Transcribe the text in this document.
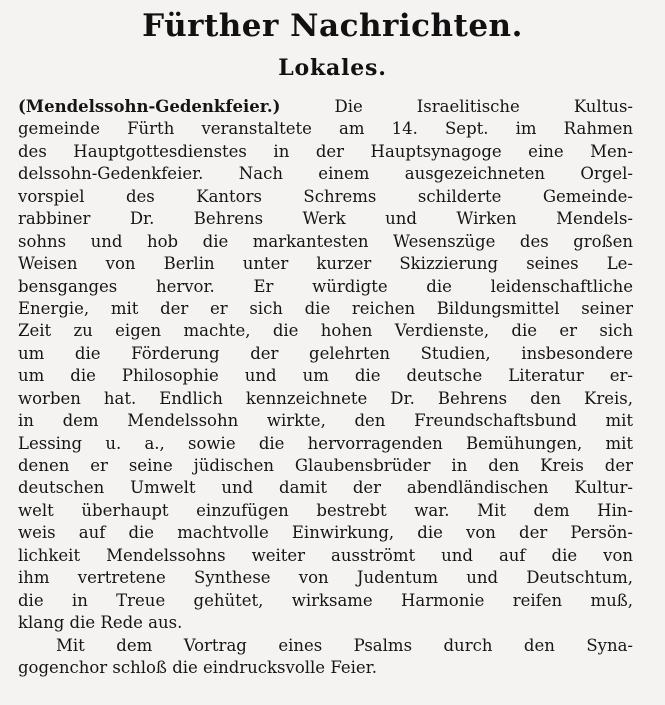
Fürther Nachrichten.
Lokales.
(Mendelssohn-Gedenkfeier.)	Die Israelitische Kultus-
gemeinde Fürth veranstaltete am 14. Sept. im Rahmen
des Hauptgottesdienstes in der Hauptsynagoge eine Men-
delssohn-Gedenkfeier. Nach einem ausgezeichneten Orgel-
vorspiel des Kantors Schrems schilderte Gemeinde-
rabbiner Dr. Behrens Werk und Wirken Mendels-
sohns und hob die markantesten Wesenszüge des großen
Weisen von Berlin unter kurzer Skizzierung seines Le-
bensganges hervor. Er würdigte die leidenschaftliche
Energie, mit der er sich die reichen Bildungsmittel seiner
Zeit zu eigen machte, die hohen Verdienste, die er sich
um die Förderung der gelehrten Studien, insbesondere
um die Philosophie und um die deutsche Literatur er-
worben hat. Endlich kennzeichnete Dr. Behrens den Kreis,
in dem Mendelssohn wirkte, den Freundschaftsbund mit
Lessing u. a., sowie die hervorragenden Bemühungen, mit
denen er seine jüdischen Glaubensbrüder in den Kreis der
deutschen Umwelt und damit der abendländischen Kultur-
welt überhaupt einzufügen bestrebt war. Mit dem Hin-
weis auf die machtvolle Einwirkung, die von der Persön-
lichkeit Mendelssohns weiter ausströmt und auf die von
ihm vertretene Synthese von Judentum und Deutschtum,
die in Treue gehütet, wirksame Harmonie reifen muß,
klang die Rede aus.
Mit dem Vortrag eines Psalms durch den Syna-
gogenchor schloß die eindrucksvolle Feier.
